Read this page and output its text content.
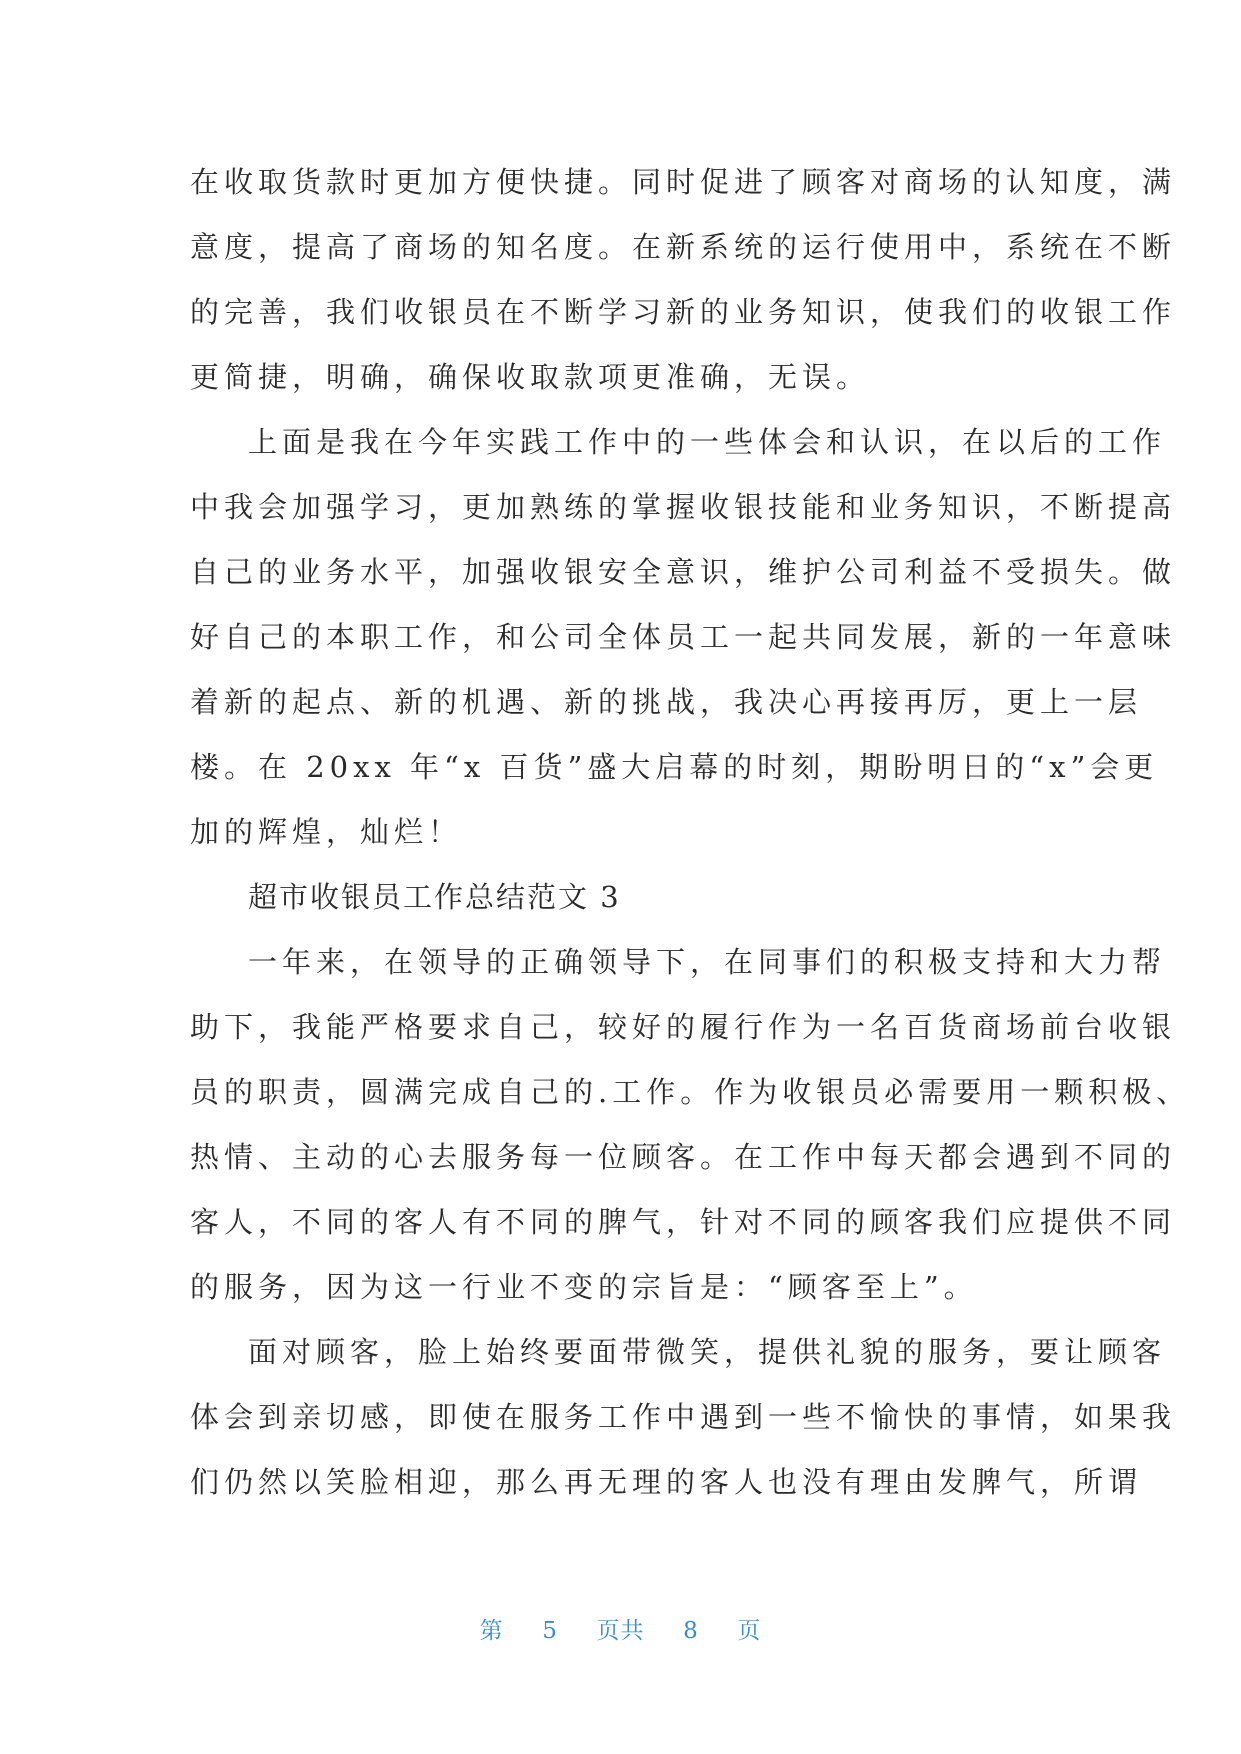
在收取货款时更加方便快捷。同时促进了顾客对商场的认知度，满
意度，提高了商场的知名度。在新系统的运行使用中，系统在不断
的完善，我们收银员在不断学习新的业务知识，使我们的收银工作
更简捷，明确，确保收取款项更准确，无误。
上面是我在今年实践工作中的一些体会和认识，在以后的工作
中我会加强学习，更加熟练的掌握收银技能和业务知识，不断提高
自己的业务水平，加强收银安全意识，维护公司利益不受损失。做
好自己的本职工作，和公司全体员工一起共同发展，新的一年意味
着新的起点、新的机遇、新的挑战，我决心再接再厉，更上一层
楼。在 20xx 年“x 百货”盛大启幕的时刻，期盼明日的“x”会更
加的辉煌，灿烂！
超市收银员工作总结范文 3
一年来，在领导的正确领导下，在同事们的积极支持和大力帮
助下，我能严格要求自己，较好的履行作为一名百货商场前台收银
员的职责，圆满完成自己的.工作。作为收银员必需要用一颗积极、
热情、主动的心去服务每一位顾客。在工作中每天都会遇到不同的
客人，不同的客人有不同的脾气，针对不同的顾客我们应提供不同
的服务，因为这一行业不变的宗旨是：“顾客至上”。
面对顾客，脸上始终要面带微笑，提供礼貌的服务，要让顾客
体会到亲切感，即使在服务工作中遇到一些不愉快的事情，如果我
们仍然以笑脸相迎，那么再无理的客人也没有理由发脾气，所谓
第 5 页共 8 页
